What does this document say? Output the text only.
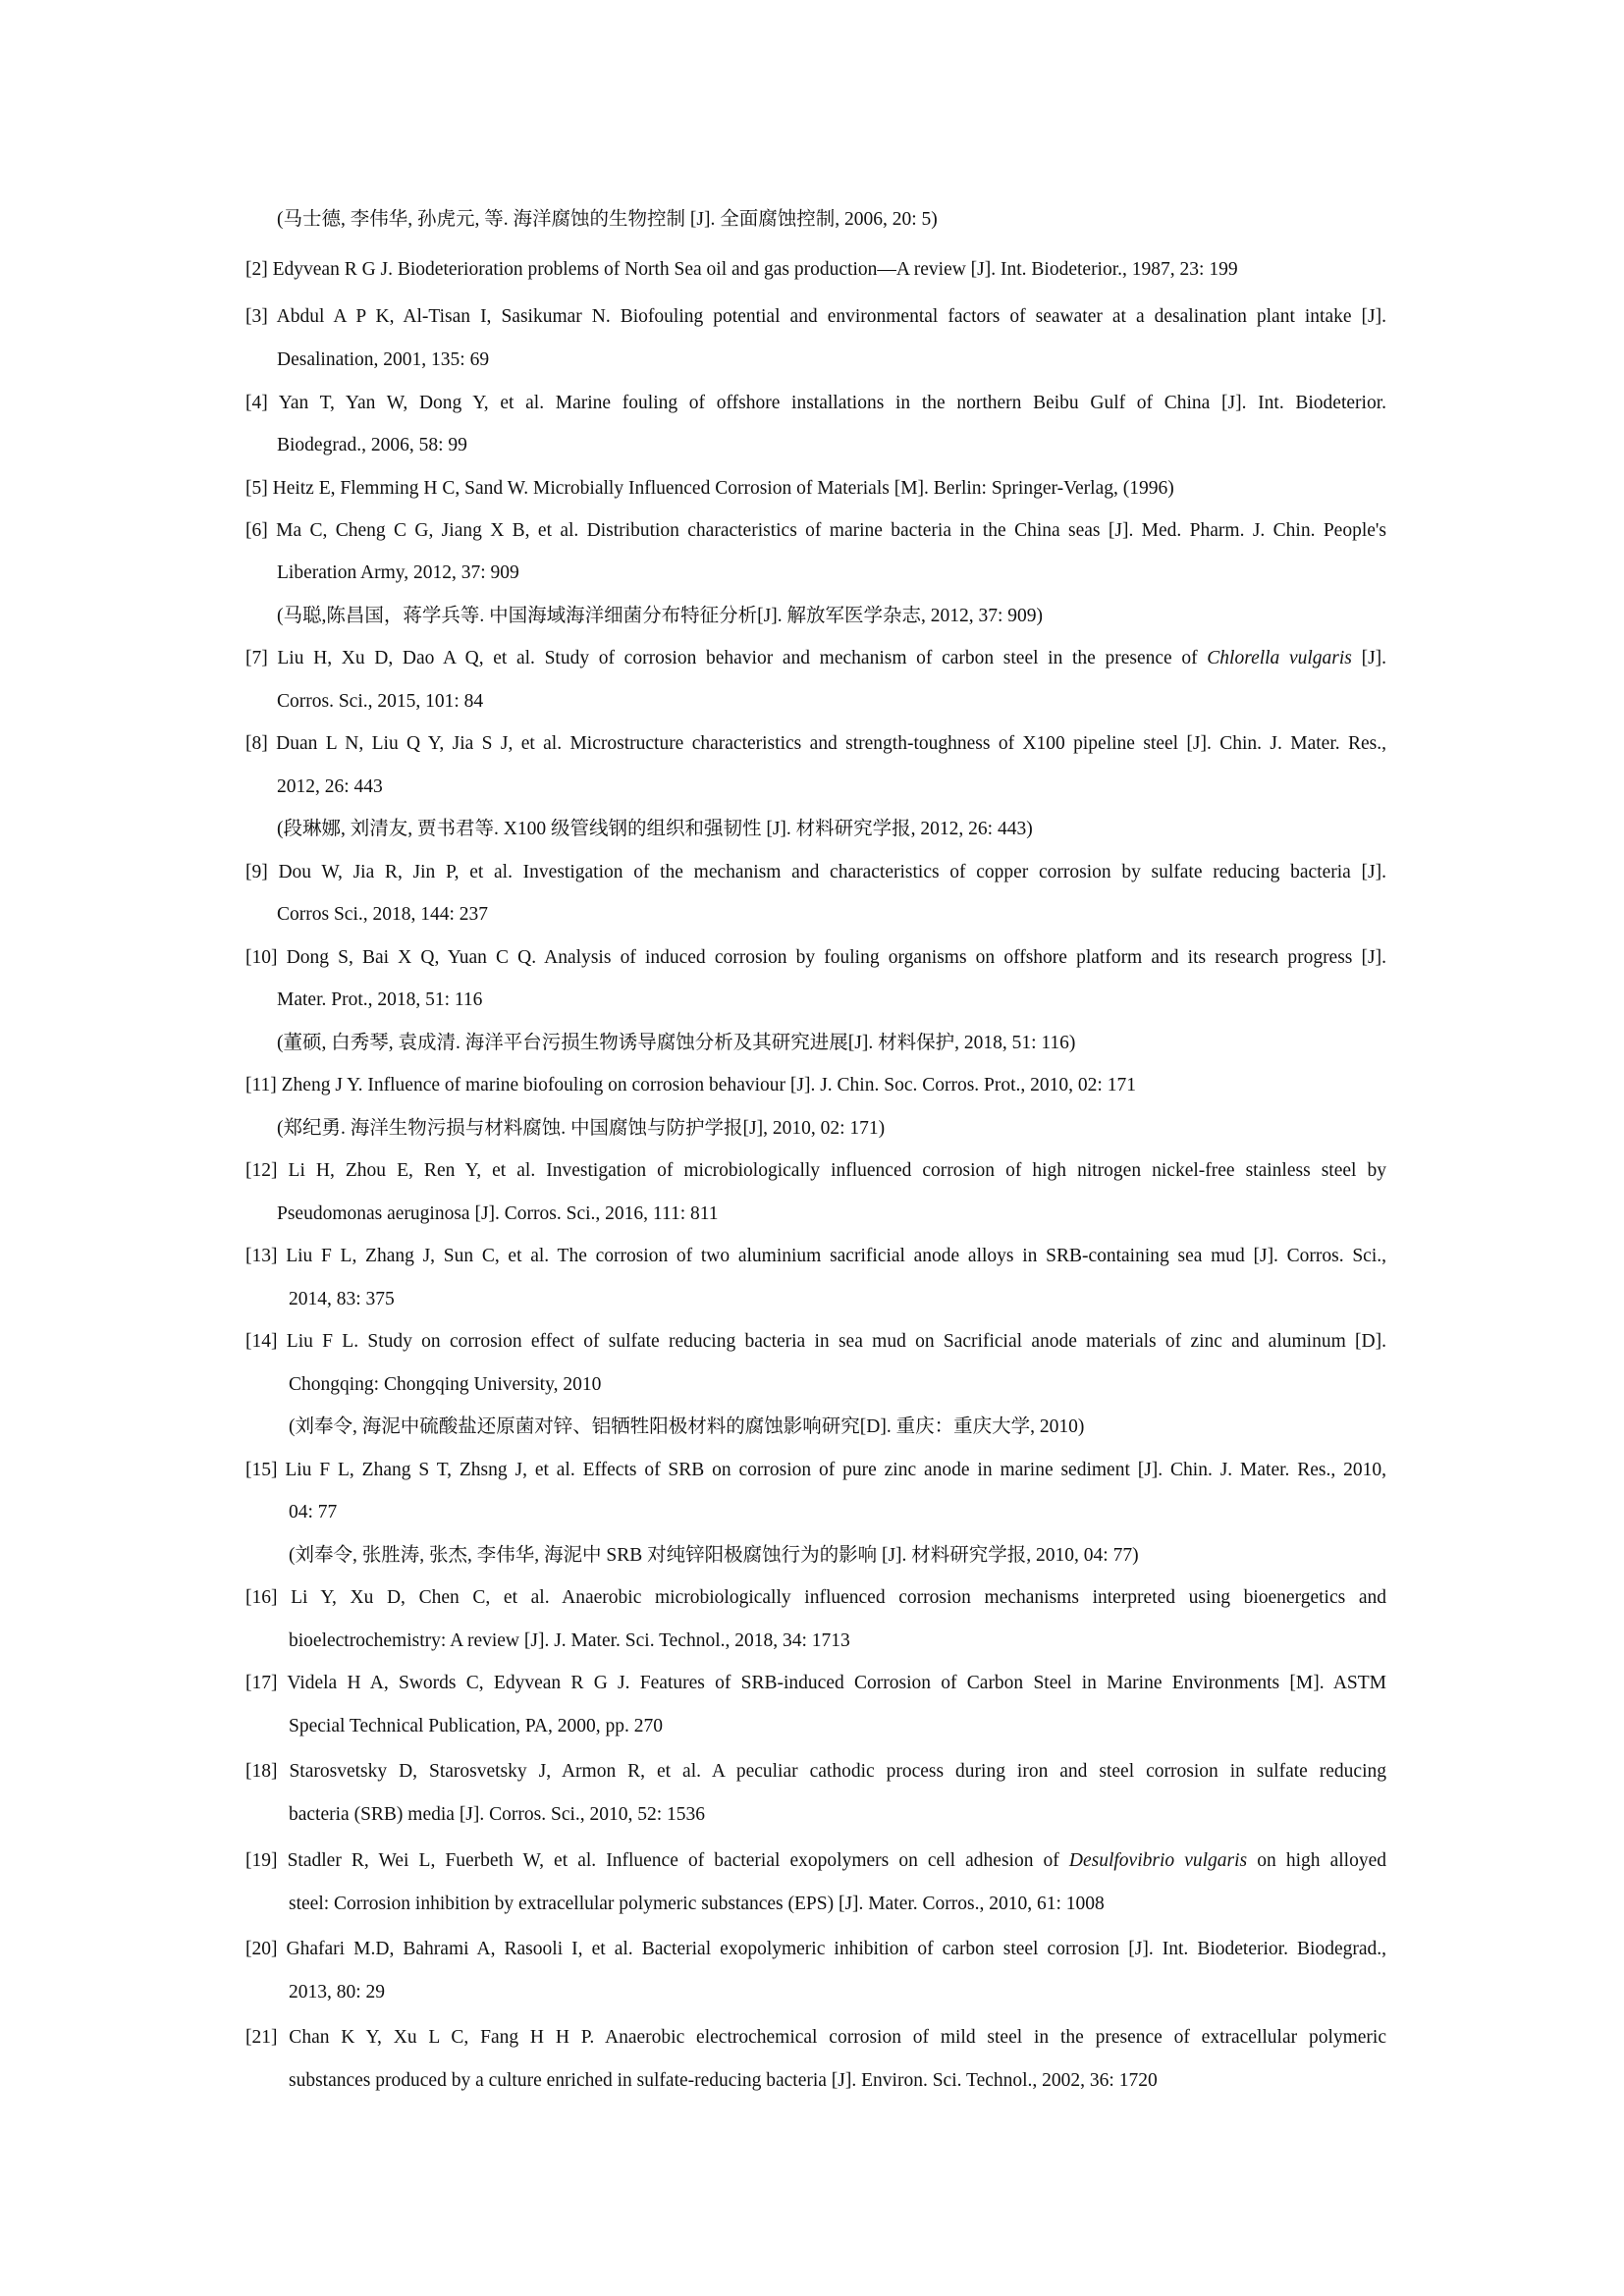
(马士德, 李伟华, 孙虎元, 等. 海洋腐蚀的生物控制 [J]. 全面腐蚀控制, 2006, 20: 5)
[2] Edyvean R G J. Biodeterioration problems of North Sea oil and gas production—A review [J]. Int. Biodeterior., 1987, 23: 199
[3] Abdul A P K, Al-Tisan I, Sasikumar N. Biofouling potential and environmental factors of seawater at a desalination plant intake [J].
Desalination, 2001, 135: 69
[4] Yan T, Yan W, Dong Y, et al. Marine fouling of offshore installations in the northern Beibu Gulf of China [J]. Int. Biodeterior.
Biodegrad., 2006, 58: 99
[5] Heitz E, Flemming H C, Sand W. Microbially Influenced Corrosion of Materials [M]. Berlin: Springer-Verlag, (1996)
[6] Ma C, Cheng C G, Jiang X B, et al. Distribution characteristics of marine bacteria in the China seas [J]. Med. Pharm. J. Chin. People's
Liberation Army, 2012, 37: 909
(马聪,陈昌国，蒋学兵等. 中国海域海洋细菌分布特征分析[J]. 解放军医学杂志, 2012, 37: 909)
[7] Liu H, Xu D, Dao A Q, et al. Study of corrosion behavior and mechanism of carbon steel in the presence of Chlorella vulgaris [J].
Corros. Sci., 2015, 101: 84
[8] Duan L N, Liu Q Y, Jia S J, et al. Microstructure characteristics and strength-toughness of X100 pipeline steel [J]. Chin. J. Mater. Res.,
2012, 26: 443
(段琳娜, 刘清友, 贾书君等. X100 级管线钢的组织和强韧性 [J]. 材料研究学报, 2012, 26: 443)
[9] Dou W, Jia R, Jin P, et al. Investigation of the mechanism and characteristics of copper corrosion by sulfate reducing bacteria [J].
Corros Sci., 2018, 144: 237
[10] Dong S, Bai X Q, Yuan C Q. Analysis of induced corrosion by fouling organisms on offshore platform and its research progress [J].
Mater. Prot., 2018, 51: 116
(董硕, 白秀琴, 袁成清. 海洋平台污损生物诱导腐蚀分析及其研究进展[J]. 材料保护, 2018, 51: 116)
[11] Zheng J Y. Influence of marine biofouling on corrosion behaviour [J]. J. Chin. Soc. Corros. Prot., 2010, 02: 171
(郑纪勇. 海洋生物污损与材料腐蚀. 中国腐蚀与防护学报[J], 2010, 02: 171)
[12] Li H, Zhou E, Ren Y, et al. Investigation of microbiologically influenced corrosion of high nitrogen nickel-free stainless steel by
Pseudomonas aeruginosa [J]. Corros. Sci., 2016, 111: 811
[13] Liu F L, Zhang J, Sun C, et al. The corrosion of two aluminium sacrificial anode alloys in SRB-containing sea mud [J]. Corros. Sci.,
2014, 83: 375
[14] Liu F L. Study on corrosion effect of sulfate reducing bacteria in sea mud on Sacrificial anode materials of zinc and aluminum [D].
Chongqing: Chongqing University, 2010
(刘奉令, 海泥中硫酸盐还原菌对锌、铝牺牲阳极材料的腐蚀影响研究[D]. 重庆：重庆大学, 2010)
[15] Liu F L, Zhang S T, Zhsng J, et al. Effects of SRB on corrosion of pure zinc anode in marine sediment [J]. Chin. J. Mater. Res., 2010,
04: 77
(刘奉令, 张胜涛, 张杰, 李伟华, 海泥中 SRB 对纯锌阳极腐蚀行为的影响 [J]. 材料研究学报, 2010, 04: 77)
[16] Li Y, Xu D, Chen C, et al. Anaerobic microbiologically influenced corrosion mechanisms interpreted using bioenergetics and
bioelectrochemistry: A review [J]. J. Mater. Sci. Technol., 2018, 34: 1713
[17] Videla H A, Swords C, Edyvean R G J. Features of SRB-induced Corrosion of Carbon Steel in Marine Environments [M]. ASTM
Special Technical Publication, PA, 2000, pp. 270
[18] Starosvetsky D, Starosvetsky J, Armon R, et al. A peculiar cathodic process during iron and steel corrosion in sulfate reducing
bacteria (SRB) media [J]. Corros. Sci., 2010, 52: 1536
[19] Stadler R, Wei L, Fuerbeth W, et al. Influence of bacterial exopolymers on cell adhesion of Desulfovibrio vulgaris on high alloyed
steel: Corrosion inhibition by extracellular polymeric substances (EPS) [J]. Mater. Corros., 2010, 61: 1008
[20] Ghafari M.D, Bahrami A, Rasooli I, et al. Bacterial exopolymeric inhibition of carbon steel corrosion [J]. Int. Biodeterior. Biodegrad.,
2013, 80: 29
[21] Chan K Y, Xu L C, Fang H H P. Anaerobic electrochemical corrosion of mild steel in the presence of extracellular polymeric
substances produced by a culture enriched in sulfate-reducing bacteria [J]. Environ. Sci. Technol., 2002, 36: 1720
